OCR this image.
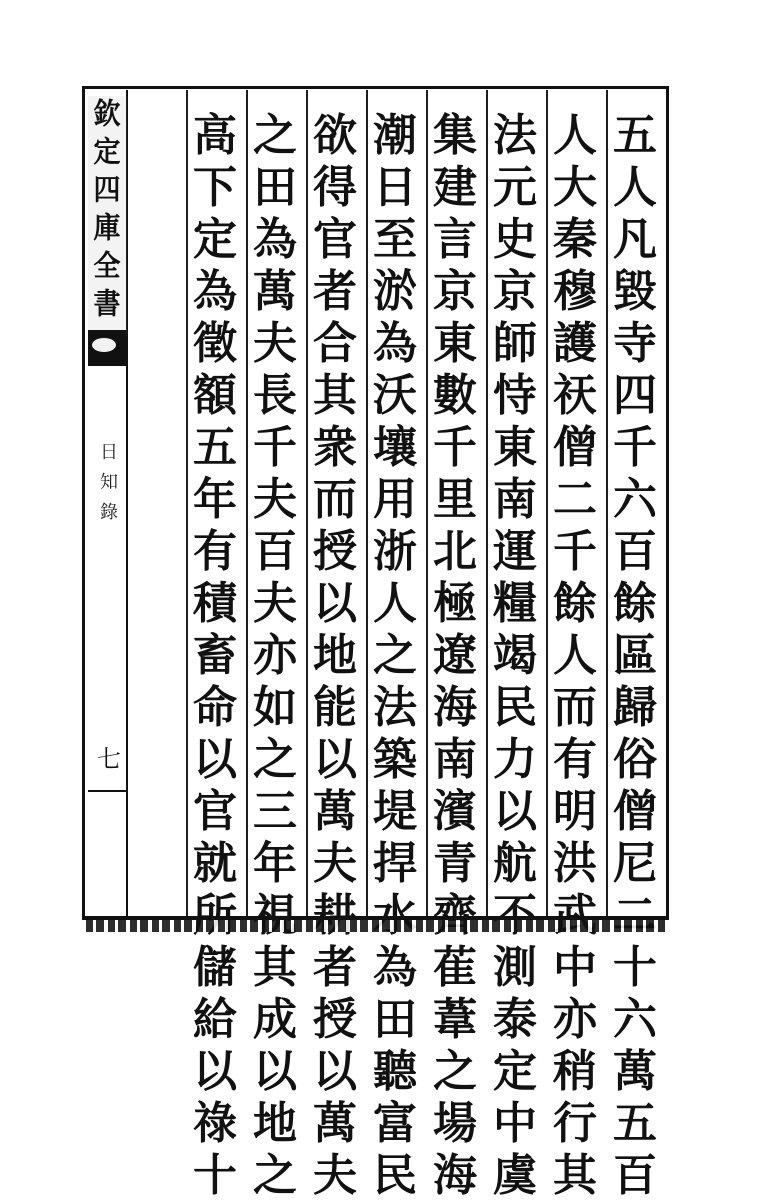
欽
定
四
庫
全
書
日
知
錄
七
五
人
凡
毀
寺
四
千
六
百
餘
區
歸
俗
僧
尼
十
六
萬
五
百
人
大
秦
穆
護
祆
僧
二
千
餘
人
而
有
明
洪
中
亦
稍
行
其
法
元
史
京
師
恃
東
南
運
糧
竭
民
力
以
航
測
泰
定
中
虞
集
建
言
京
東
數
千
里
北
極
遼
海
南
濱
青
萑
葦
之
場
海
潮
日
至
淤
為
沃
壤
用
浙
人
之
法
築
堤
捍
為
田
聽
富
民
欲
得
官
者
合
其
衆
而
授
以
地
能
以
萬
夫
者
授
以
萬
夫
之
田
為
萬
夫
長
千
夫
百
夫
亦
如
之
三
年
其
成
以
地
之
高
下
定
為
徵
額
五
年
有
積
畜
命
以
官
就
儲
給
以
祿
十
